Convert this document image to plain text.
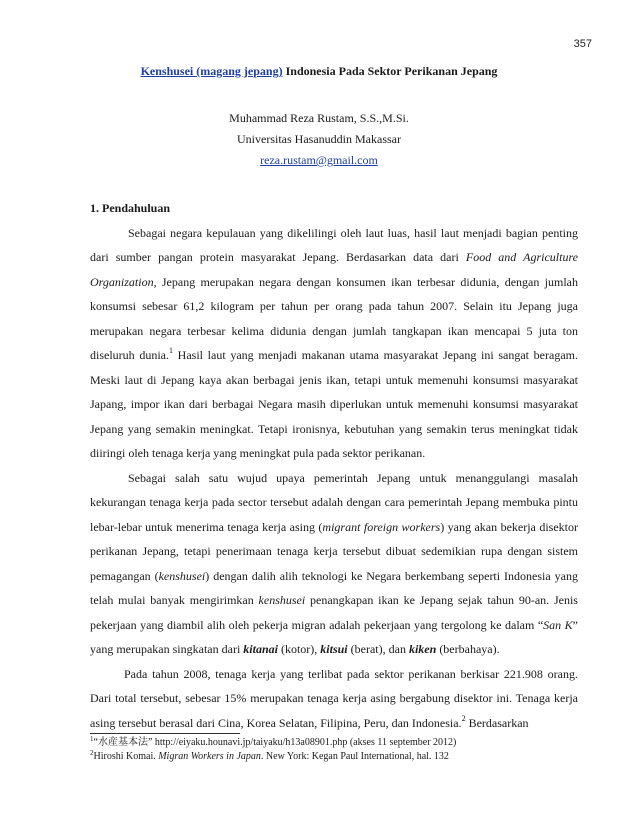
357
Kenshusei (magang jepang) Indonesia Pada Sektor Perikanan Jepang
Muhammad Reza Rustam, S.S.,M.Si.
Universitas Hasanuddin Makassar
reza.rustam@gmail.com

1. Pendahuluan

Sebagai negara kepulauan yang dikelilingi oleh laut luas, hasil laut menjadi bagian penting dari sumber pangan protein masyarakat Jepang. Berdasarkan data dari Food and Agriculture Organization, Jepang merupakan negara dengan konsumen ikan terbesar didunia, dengan jumlah konsumsi sebesar 61,2 kilogram per tahun per orang pada tahun 2007. Selain itu Jepang juga merupakan negara terbesar kelima didunia dengan jumlah tangkapan ikan mencapai 5 juta ton diseluruh dunia.$^1$ Hasil laut yang menjadi makanan utama masyarakat Jepang ini sangat beragam. Meski laut di Jepang kaya akan berbagai jenis ikan, tetapi untuk memenuhi konsumsi masyarakat Japang, impor ikan dari berbagai Negara masih diperlukan untuk memenuhi konsumsi masyarakat Jepang yang semakin meningkat. Tetapi ironisnya, kebutuhan yang semakin terus meningkat tidak diiringi oleh tenaga kerja yang meningkat pula pada sektor perikanan.

Sebagai salah satu wujud upaya pemerintah Jepang untuk menanggulangi masalah kekurangan tenaga kerja pada sector tersebut adalah dengan cara pemerintah Jepang membuka pintu lebar-lebar untuk menerima tenaga kerja asing (migrant foreign workers) yang akan bekerja disektor perikanan Jepang, tetapi penerimaan tenaga kerja tersebut dibuat sedemikian rupa dengan sistem pemagangan (kenshusei) dengan dalih alih teknologi ke Negara berkembang seperti Indonesia yang telah mulai banyak mengirimkan kenshusei penangkapan ikan ke Jepang sejak tahun 90-an. Jenis pekerjaan yang diambil alih oleh pekerja migran adalah pekerjaan yang tergolong ke dalam “San K” yang merupakan singkatan dari kitanai (kotor), kitsui (berat), dan kiken (berbahaya).

Pada tahun 2008, tenaga kerja yang terlibat pada sektor perikanan berkisar 221.908 orang. Dari total tersebut, sebesar 15% merupakan tenaga kerja asing bergabung disektor ini. Tenaga kerja asing tersebut berasal dari Cina, Korea Selatan, Filipina, Peru, dan Indonesia.$^2$ Berdasarkan

$^1$“水産基本法” http://eiyaku.hounavi.jp/taiyaku/h13a08901.php (akses 11 september 2012)

$^2$Hiroshi Komai. Migran Workers in Japan. New York: Kegan Paul International, hal. 132
